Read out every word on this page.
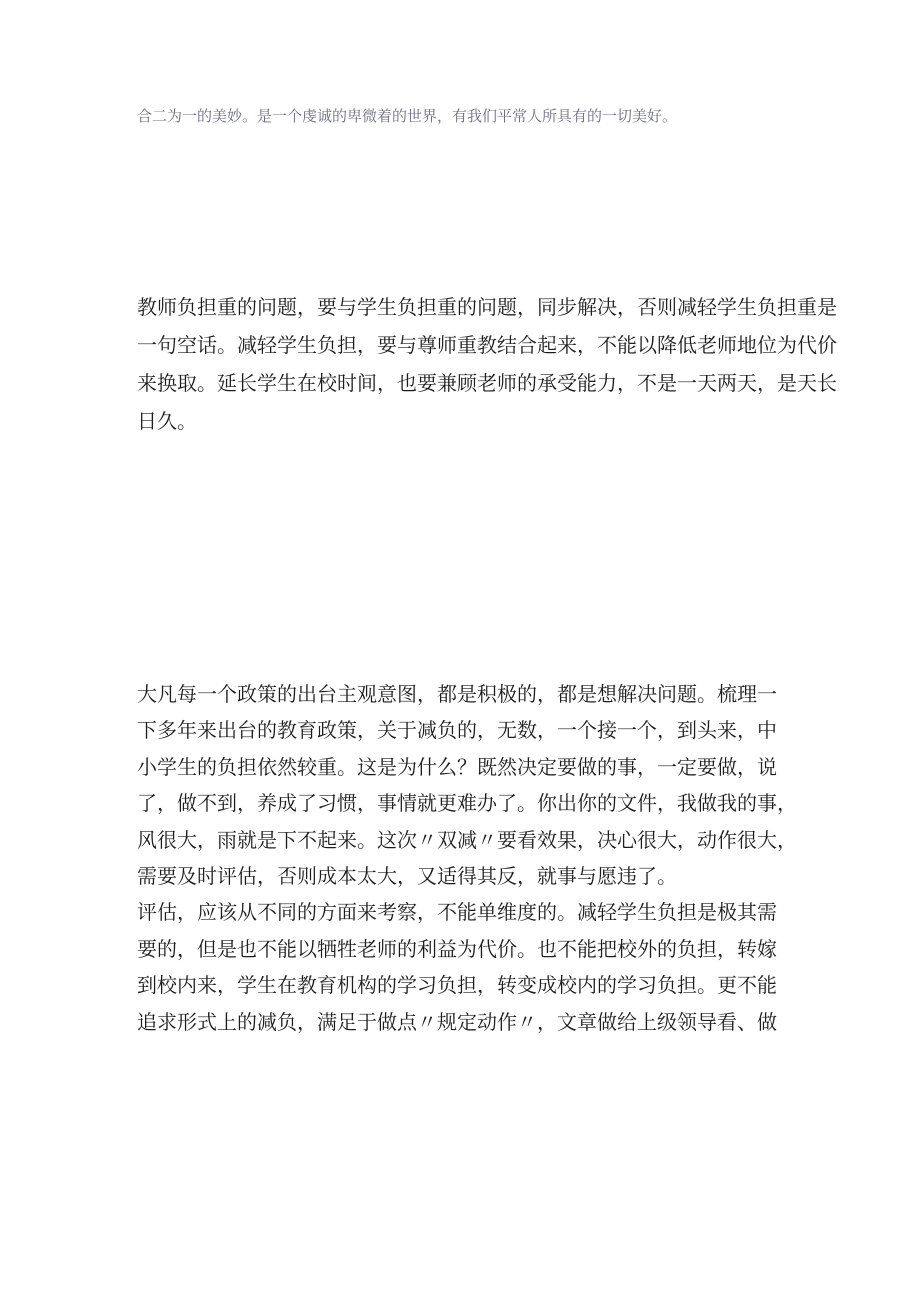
合二为一的美妙。是一个虔诚的卑微着的世界，有我们平常人所具有的一切美好。
教师负担重的问题，要与学生负担重的问题，同步解决，否则减轻学生负担重是
一句空话。减轻学生负担，要与尊师重教结合起来，不能以降低老师地位为代价
来换取。延长学生在校时间，也要兼顾老师的承受能力，不是一天两天，是天长
日久。
大凡每一个政策的出台主观意图，都是积极的，都是想解决问题。梳理一
下多年来出台的教育政策，关于减负的，无数，一个接一个，到头来，中
小学生的负担依然较重。这是为什么？既然决定要做的事，一定要做，说
了，做不到，养成了习惯，事情就更难办了。你出你的文件，我做我的事，
风很大，雨就是下不起来。这次〃双减〃要看效果，决心很大，动作很大，
需要及时评估，否则成本太大，又适得其反，就事与愿违了。
评估，应该从不同的方面来考察，不能单维度的。减轻学生负担是极其需
要的，但是也不能以牺牲老师的利益为代价。也不能把校外的负担，转嫁
到校内来，学生在教育机构的学习负担，转变成校内的学习负担。更不能
追求形式上的减负，满足于做点〃规定动作〃，文章做给上级领导看、做
